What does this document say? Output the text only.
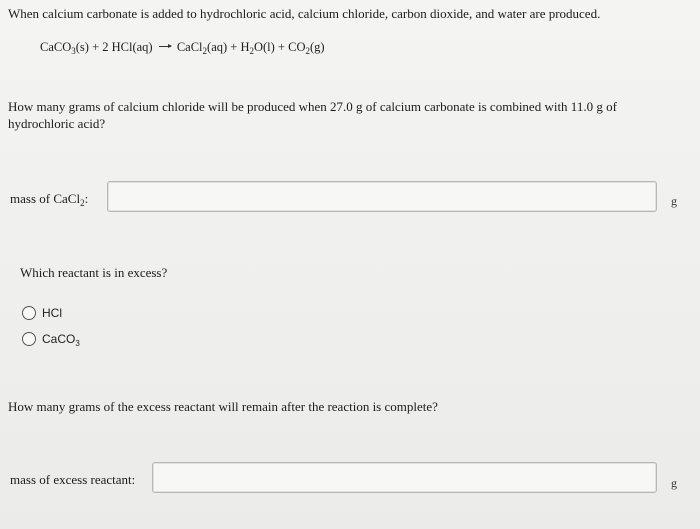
When calcium carbonate is added to hydrochloric acid, calcium chloride, carbon dioxide, and water are produced.
CaCO$_3$(s) + 2 HCl(aq) → CaCl$_2$(aq) + $H_2O(l) + CO_2(g)$
How many grams of calcium chloride will be produced when 27.0 g of calcium carbonate is combined with 11.0 g of hydrochloric acid?
mass of CaCl$_2$:	g
Which reactant is in excess?
HCl
CaCO$_3$
How many grams of the excess reactant will remain after the reaction is complete?
mass of excess reactant:	g
